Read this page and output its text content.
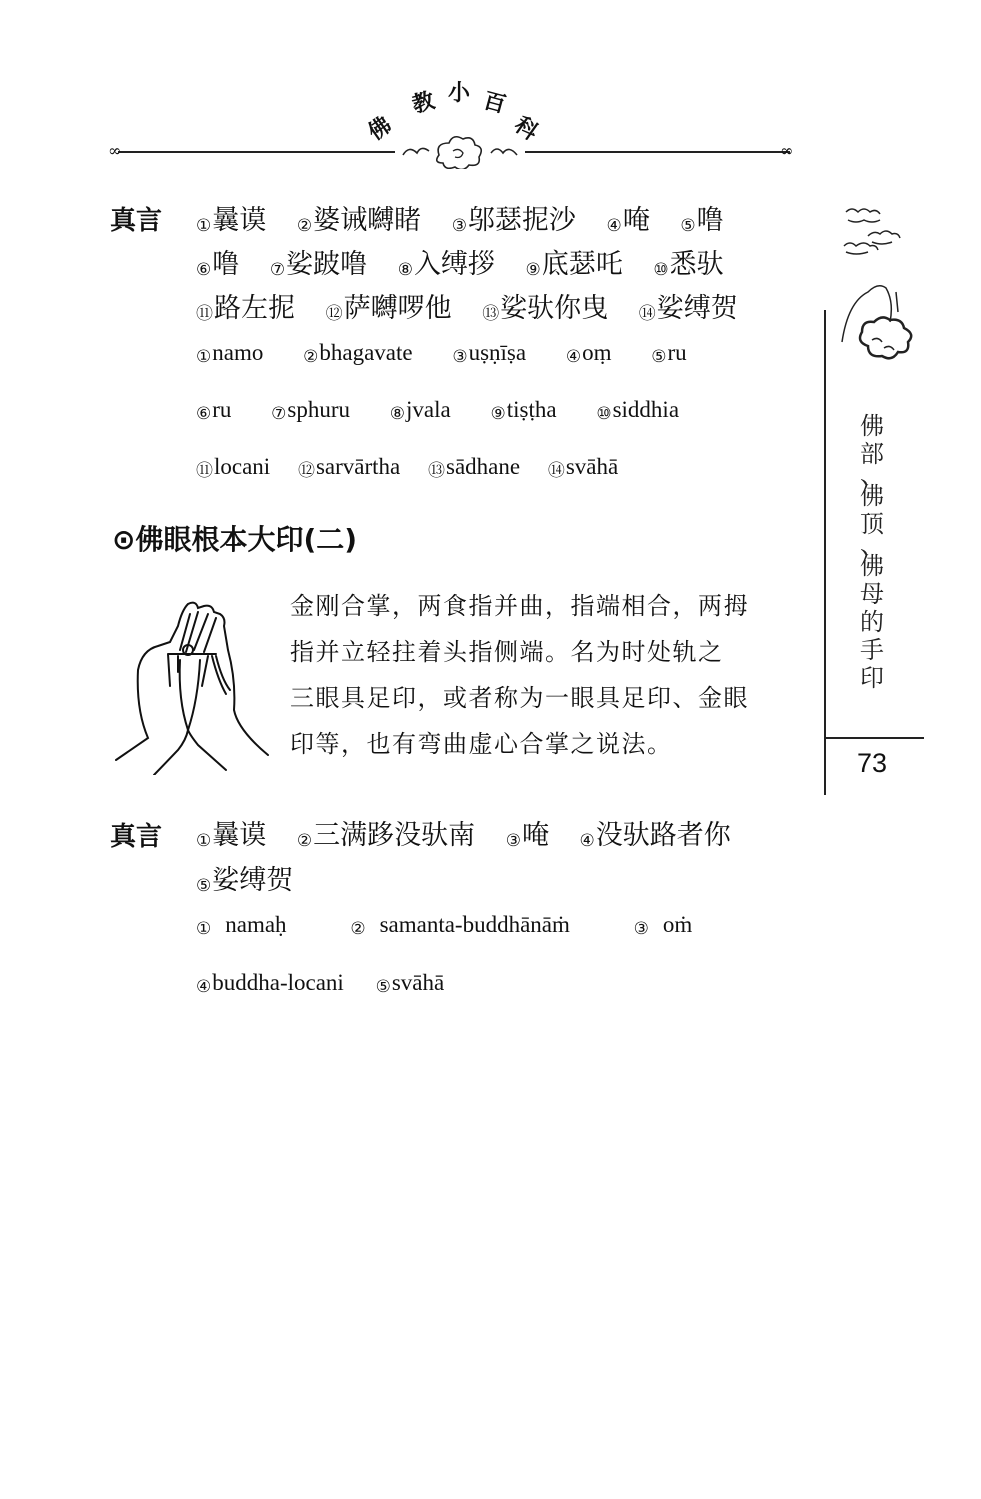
佛
教 小 百
科
∞	∞
真言 ①曩谟 ②婆诫嚩睹 ③邬瑟抳沙 ④唵 ⑤噜
⑥噜 ⑦娑跛噜 ⑧入缚拶 ⑨底瑟吒 ⑩悉驮
⑪路左抳 ⑫萨嚩啰他 ⑬娑驮你曳 ⑭娑缚贺
①namo ②bhagavate ③uṣṇīṣa ④oṃ ⑤ru
⑥ru ⑦sphuru ⑧jvala ⑨tiṣṭha ⑩siddhia
⑪locani ⑫sarvārtha ⑬sādhane ⑭svāhā
⊙佛眼根本大印(二)
金刚合掌，两食指并曲，指端相合，两拇
指并立轻拄着头指侧端。名为时处轨之
三眼具足印，或者称为一眼具足印、金眼
印等，也有弯曲虚心合掌之说法。
真言 ①曩谟 ②三满跢没驮南 ③唵 ④没驮路者你
⑤娑缚贺
① namaḥ	② samanta-buddhānāṁ	③ oṁ
④buddha-locani ⑤svāhā
佛
部
、
佛
顶
、
佛
母
的
手
印
73
